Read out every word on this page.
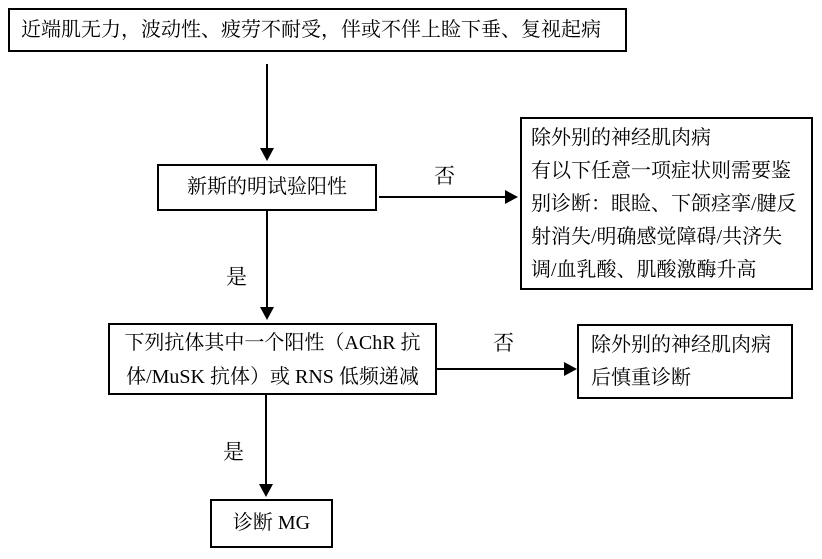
近端肌无力，波动性、疲劳不耐受，伴或不伴上睑下垂、复视起病
新斯的明试验阳性	否
除外别的神经肌肉病
有以下任意一项症状则需要鉴别诊断：眼睑、下颌痉挛/腱反射消失/明确感觉障碍/共济失调/血乳酸、肌酸激酶升高
是
下列抗体其中一个阳性（AChR 抗体/MuSK 抗体）或 RNS 低频递减
否	除外别的神经肌肉病后慎重诊断
是
诊断 MG
